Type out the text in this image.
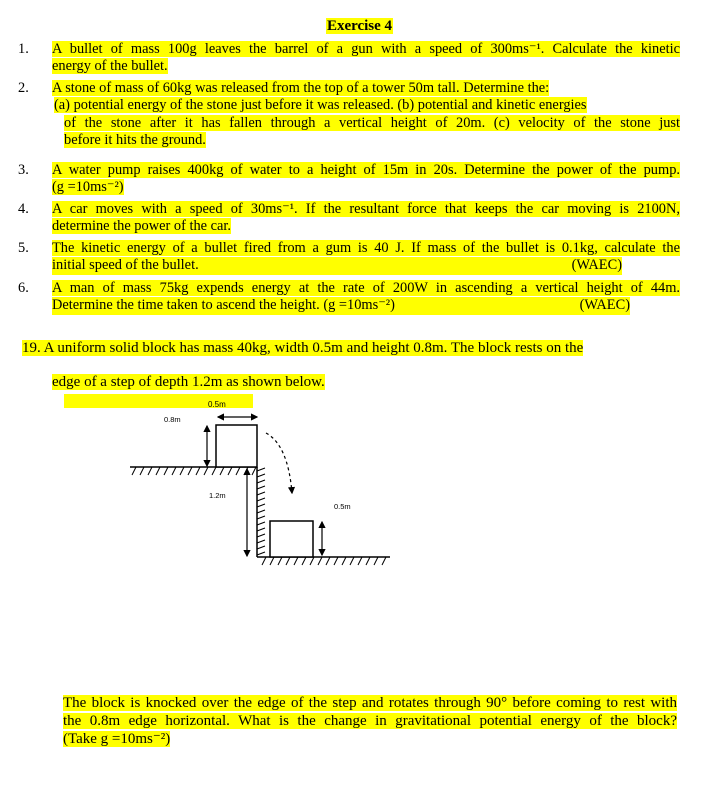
Exercise 4
1.	A bullet of mass 100g leaves the barrel of a gun with a speed of 300ms⁻¹. Calculate the kinetic
energy of the bullet.
2.	A stone of mass of 60kg was released from the top of a tower 50m tall. Determine the:
(a) potential energy of the stone just before it was released. (b) potential and kinetic energies
of the stone after it has fallen through a vertical height of 20m. (c) velocity of the stone just
before it hits the ground.
3.	A water pump raises 400kg of water to a height of 15m in 20s. Determine the power of the pump.
(g =10ms⁻²)
4.	A car moves with a speed of 30ms⁻¹. If the resultant force that keeps the car moving is 2100N,
determine the power of the car.
5.	The kinetic energy of a bullet fired from a gum is 40 J. If mass of the bullet is 0.1kg, calculate the
initial speed of the bullet.	(WAEC)
6.	A man of mass 75kg expends energy at the rate of 200W in ascending a vertical height of 44m.
Determine the time taken to ascend the height. (g =10ms⁻²)	(WAEC)
19. A uniform solid block has mass 40kg, width 0.5m and height 0.8m. The block rests on the
edge of a step of depth 1.2m as shown below.
0.5m
0.8m
1.2m
0.5m
The block is knocked over the edge of the step and rotates through 90° before coming to rest with
the 0.8m edge horizontal. What is the change in gravitational potential energy of the block?
(Take g =10ms⁻²)
